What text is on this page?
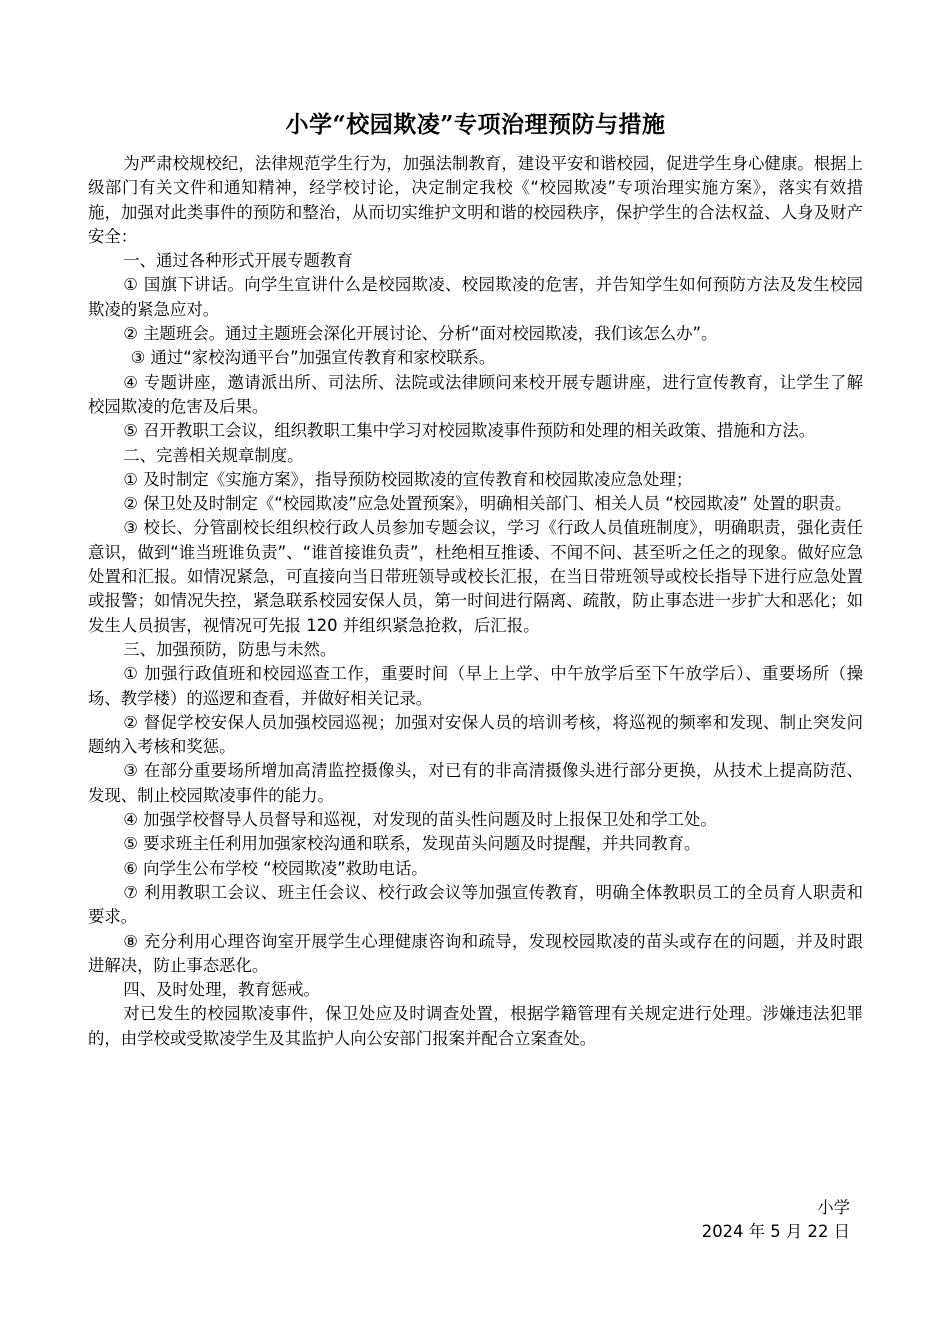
小学“校园欺凌”专项治理预防与措施

为严肃校规校纪，法律规范学生行为，加强法制教育，建设平安和谐校园，促进学生身心健康。根据上级部门有关文件和通知精神，经学校讨论，决定制定我校《“校园欺凌”专项治理实施方案》，落实有效措施，加强对此类事件的预防和整治，从而切实维护文明和谐的校园秩序，保护学生的合法权益、人身及财产安全：

一、通过各种形式开展专题教育

① 国旗下讲话。向学生宣讲什么是校园欺凌、校园欺凌的危害，并告知学生如何预防方法及发生校园欺凌的紧急应对。

② 主题班会。通过主题班会深化开展讨论、分析“面对校园欺凌，我们该怎么办”。

③ 通过“家校沟通平台”加强宣传教育和家校联系。

④ 专题讲座，邀请派出所、司法所、法院或法律顾问来校开展专题讲座，进行宣传教育，让学生了解校园欺凌的危害及后果。

⑤ 召开教职工会议，组织教职工集中学习对校园欺凌事件预防和处理的相关政策、措施和方法。

二、完善相关规章制度。

① 及时制定《实施方案》，指导预防校园欺凌的宣传教育和校园欺凌应急处理；

② 保卫处及时制定《“校园欺凌”应急处置预案》，明确相关部门、相关人员 “校园欺凌” 处置的职责。

③ 校长、分管副校长组织校行政人员参加专题会议，学习《行政人员值班制度》，明确职责，强化责任意识，做到“谁当班谁负责”、“谁首接谁负责”，杜绝相互推诿、不闻不问、甚至听之任之的现象。做好应急处置和汇报。如情况紧急，可直接向当日带班领导或校长汇报，在当日带班领导或校长指导下进行应急处置或报警；如情况失控，紧急联系校园安保人员，第一时间进行隔离、疏散，防止事态进一步扩大和恶化；如发生人员损害，视情况可先报 120 并组织紧急抢救，后汇报。

三、加强预防，防患与未然。

① 加强行政值班和校园巡查工作，重要时间（早上上学、中午放学后至下午放学后）、重要场所（操场、教学楼）的巡逻和查看，并做好相关记录。

② 督促学校安保人员加强校园巡视；加强对安保人员的培训考核，将巡视的频率和发现、制止突发问题纳入考核和奖惩。

③ 在部分重要场所增加高清监控摄像头，对已有的非高清摄像头进行部分更换，从技术上提高防范、发现、制止校园欺凌事件的能力。

④ 加强学校督导人员督导和巡视，对发现的苗头性问题及时上报保卫处和学工处。

⑤ 要求班主任利用加强家校沟通和联系，发现苗头问题及时提醒，并共同教育。

⑥ 向学生公布学校 “校园欺凌”救助电话。

⑦ 利用教职工会议、班主任会议、校行政会议等加强宣传教育，明确全体教职员工的全员育人职责和要求。

⑧ 充分利用心理咨询室开展学生心理健康咨询和疏导，发现校园欺凌的苗头或存在的问题，并及时跟进解决，防止事态恶化。

四、及时处理，教育惩戒。

对已发生的校园欺凌事件，保卫处应及时调查处置，根据学籍管理有关规定进行处理。涉嫌违法犯罪的，由学校或受欺凌学生及其监护人向公安部门报案并配合立案查处。

小学
2024 年 5 月 22 日
